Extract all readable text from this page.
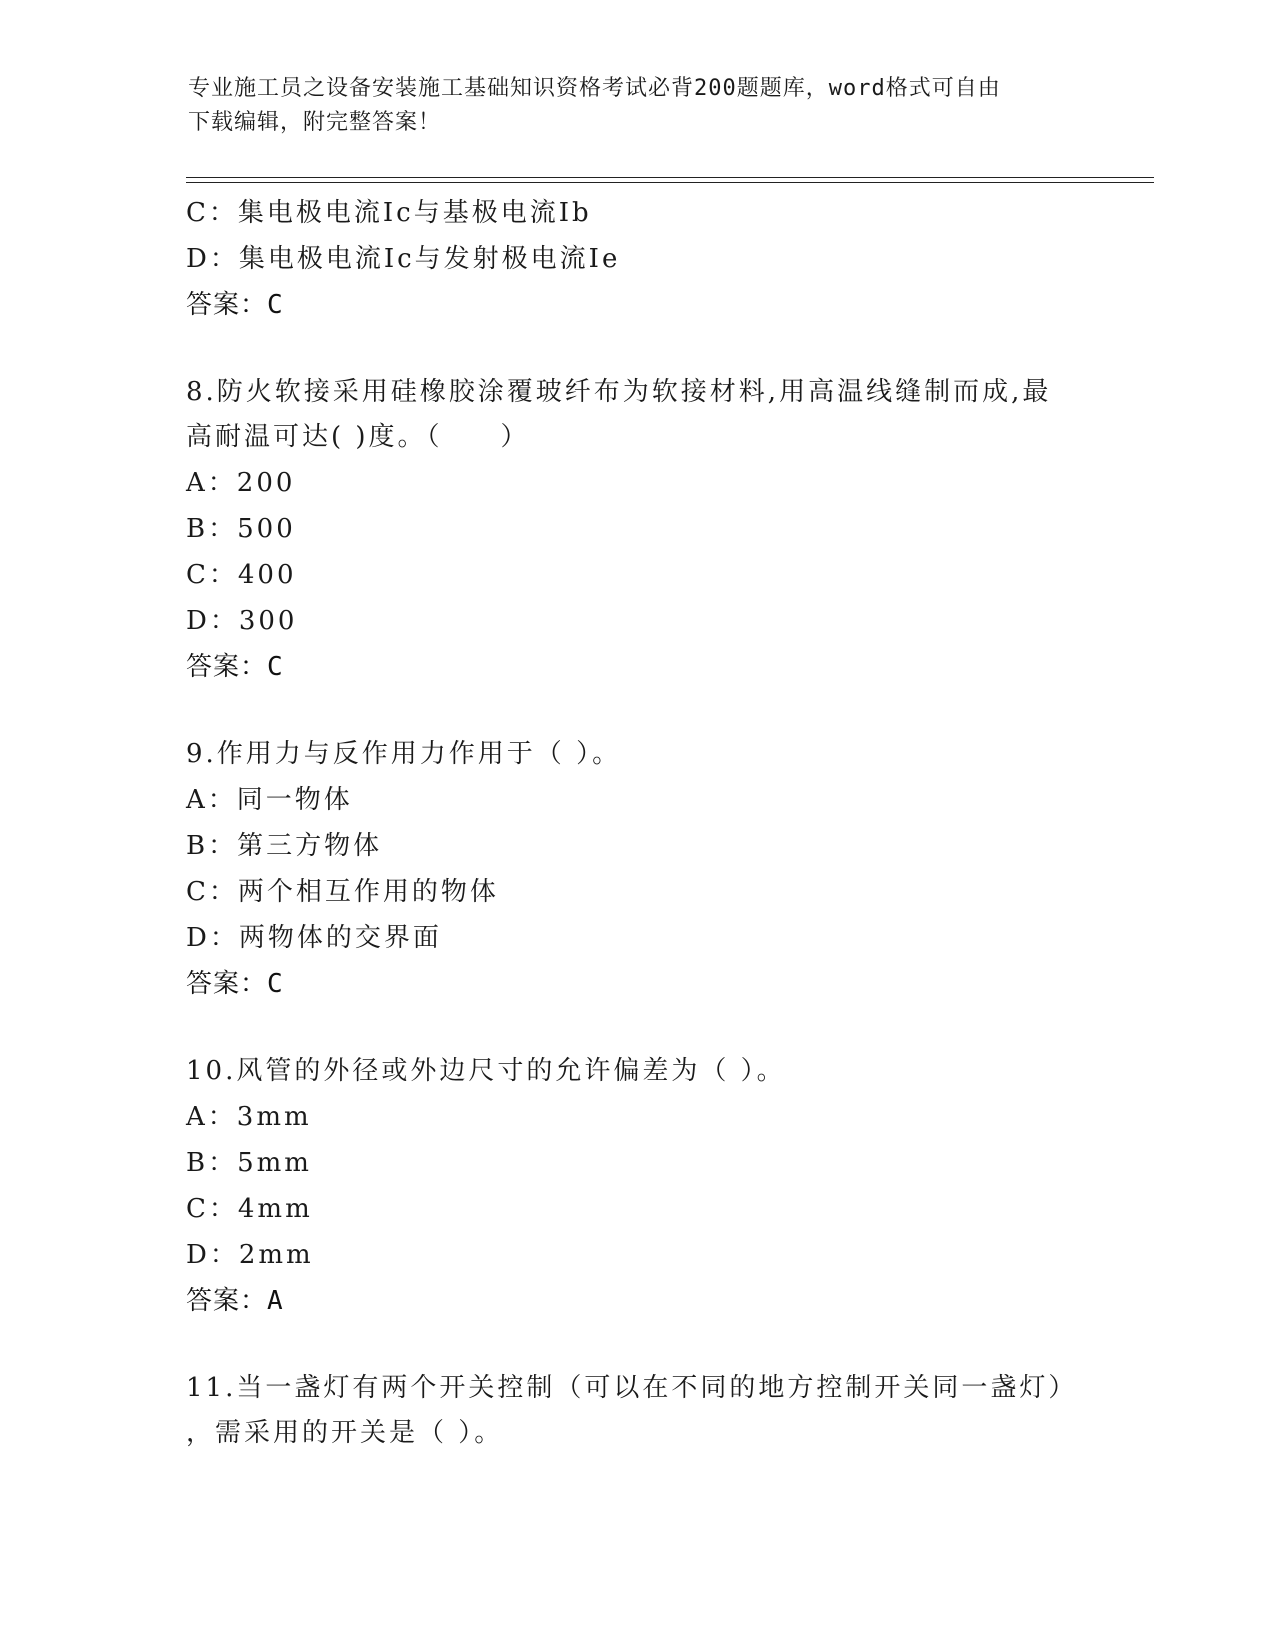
专业施工员之设备安装施工基础知识资格考试必背200题题库，word格式可自由
下载编辑，附完整答案！
C：集电极电流Ic与基极电流Ib
D：集电极电流Ic与发射极电流Ie
答案：C
8.防火软接采用硅橡胶涂覆玻纤布为软接材料,用高温线缝制而成,最
高耐温可达( )度。（　　）
A：200
B：500
C：400
D：300
答案：C
9.作用力与反作用力作用于（ ）。
A：同一物体
B：第三方物体
C：两个相互作用的物体
D：两物体的交界面
答案：C
10.风管的外径或外边尺寸的允许偏差为（ ）。
A：3mm
B：5mm
C：4mm
D：2mm
答案：A
11.当一盏灯有两个开关控制（可以在不同的地方控制开关同一盏灯）
，需采用的开关是（ ）。
